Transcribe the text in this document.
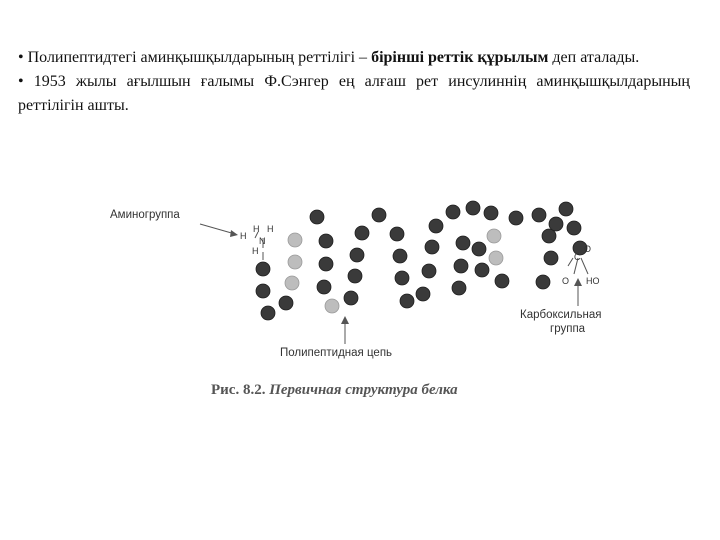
• Полипептидтегі аминқышқылдарының реттілігі – бірінші реттік құрылым деп аталады.

• 1953 жылы ағылшын ғалымы Ф.Сэнгер ең алғаш рет инсулиннің аминқышқылдарының реттілігін ашты.

Аминогруппа
H
H
N
H
H
C
O
O HO
Полипептидная цепь
Карбоксильная
группа
Рис. 8.2. Первичная структура белка
